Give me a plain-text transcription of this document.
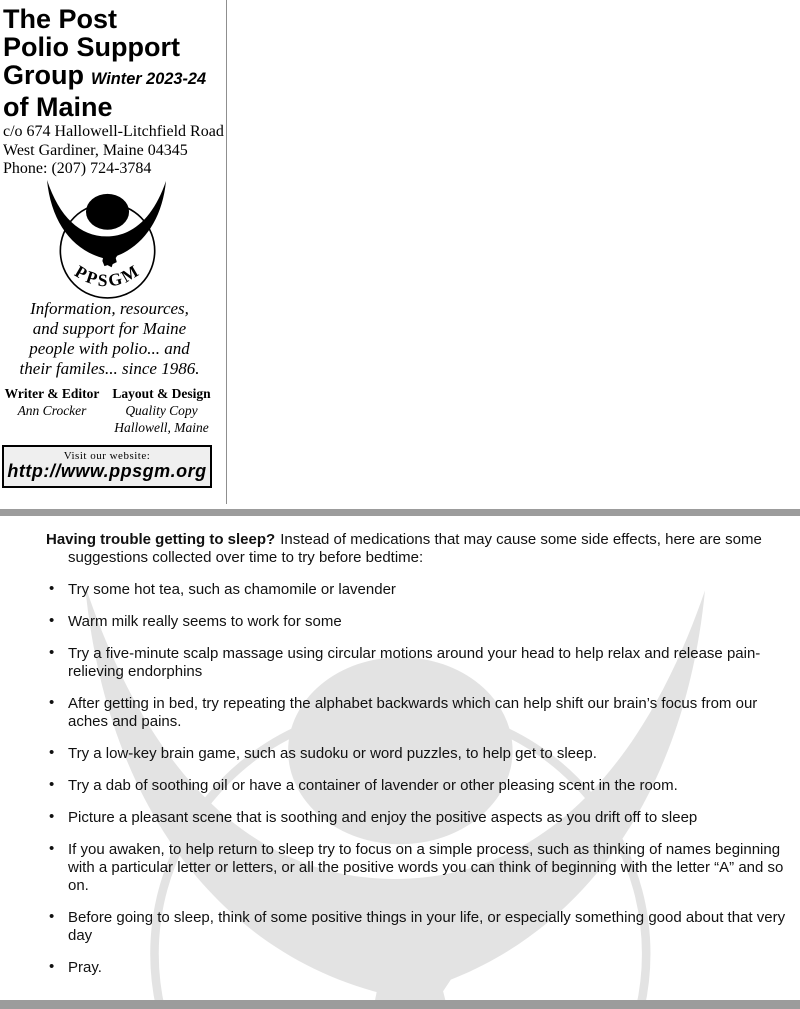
The Post
Polio Support
Group Winter 2023-24
of Maine
c/o 674 Hallowell-Litchfield Road
West Gardiner, Maine 04345
Phone: (207) 724-3784
Information, resources,
and support for Maine
people with polio... and
their familes... since 1986.
Writer & Editor
Ann Crocker
Layout & Design
Quality Copy
Hallowell, Maine
Visit our website:
http://www.ppsgm.org

Having trouble getting to sleep? Instead of medications that may cause some side effects, here are some suggestions collected over time to try before bedtime:

• Try some hot tea, such as chamomile or lavender
• Warm milk really seems to work for some
• Try a five-minute scalp massage using circular motions around your head to help relax and release pain-relieving endorphins
• After getting in bed, try repeating the alphabet backwards which can help shift our brain’s focus from our aches and pains.
• Try a low-key brain game, such as sudoku or word puzzles, to help get to sleep.
• Try a dab of soothing oil or have a container of lavender or other pleasing scent in the room.
• Picture a pleasant scene that is soothing and enjoy the positive aspects as you drift off to sleep
• If you awaken, to help return to sleep try to focus on a simple process, such as thinking of names beginning with a particular letter or letters, or all the positive words you can think of beginning with the letter “A” and so on.
• Before going to sleep, think of some positive things in your life, or especially something good about that very day
• Pray.
